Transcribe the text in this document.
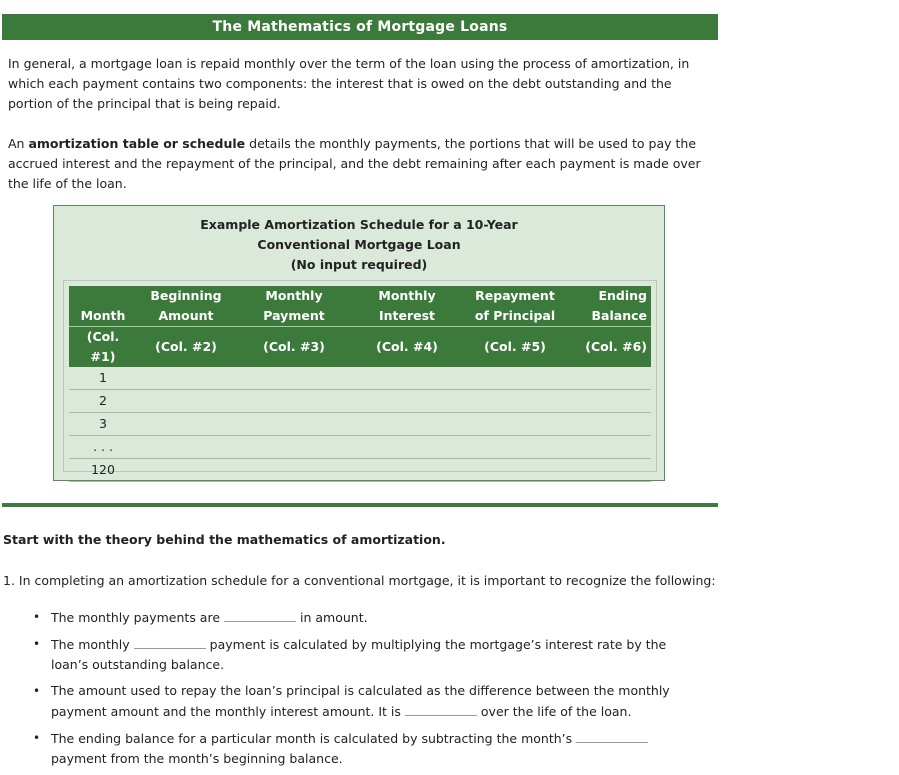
The Mathematics of Mortgage Loans
In general, a mortgage loan is repaid monthly over the term of the loan using the process of amortization, in which each payment contains two components: the interest that is owed on the debt outstanding and the portion of the principal that is being repaid.
An amortization table or schedule details the monthly payments, the portions that will be used to pay the accrued interest and the repayment of the principal, and the debt remaining after each payment is made over the life of the loan.
Example Amortization Schedule for a 10-Year
Conventional Mortgage Loan
(No input required)
	Beginning	Monthly	Monthly	Repayment	Ending
Month	Amount	Payment	Interest	of Principal	Balance
(Col. #1)	(Col. #2)	(Col. #3)	(Col. #4)	(Col. #5)	(Col. #6)
1					
2					
3					
. . .					
120					
Start with the theory behind the mathematics of amortization.
1. In completing an amortization schedule for a conventional mortgage, it is important to recognize the following:
• The monthly payments are	in amount.
• The monthly	payment is calculated by multiplying the mortgage’s interest rate by the loan’s outstanding balance.
• The amount used to repay the loan’s principal is calculated as the difference between the monthly payment amount and the monthly interest amount. It is	over the life of the loan.
• The ending balance for a particular month is calculated by subtracting the month’spayment from the month’s beginning balance.
